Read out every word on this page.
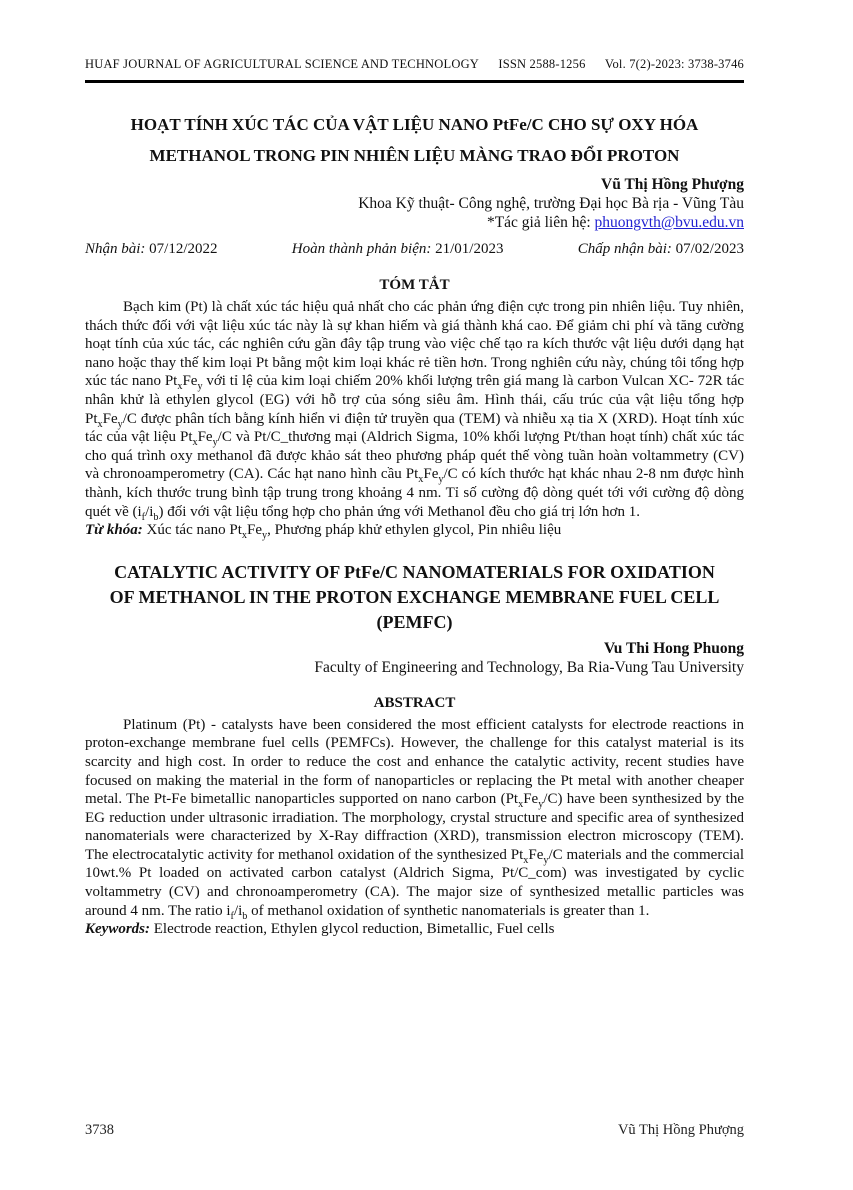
HUAF JOURNAL OF AGRICULTURAL SCIENCE AND TECHNOLOGY ISSN 2588-1256 Vol. 7(2)-2023: 3738-3746
HOẠT TÍNH XÚC TÁC CỦA VẬT LIỆU NANO PtFe/C CHO SỰ OXY HÓA
METHANOL TRONG PIN NHIÊN LIỆU MÀNG TRAO ĐỔI PROTON
Vũ Thị Hồng Phượng
Khoa Kỹ thuật- Công nghệ, trường Đại học Bà rịa - Vũng Tàu
*Tác giả liên hệ: phuongvth@bvu.edu.vn
Nhận bài: 07/12/2022	Hoàn thành phản biện: 21/01/2023	Chấp nhận bài: 07/02/2023
TÓM TẮT
Bạch kim (Pt) là chất xúc tác hiệu quả nhất cho các phản ứng điện cực trong pin nhiên liệu. Tuy nhiên, thách thức đối với vật liệu xúc tác này là sự khan hiếm và giá thành khá cao. Để giảm chi phí và tăng cường hoạt tính của xúc tác, các nghiên cứu gần đây tập trung vào việc chế tạo ra kích thước vật liệu dưới dạng hạt nano hoặc thay thế kim loại Pt bằng một kim loại khác rẻ tiền hơn. Trong nghiên cứu này, chúng tôi tổng hợp xúc tác nano $Pt_xFe_y$ với tỉ lệ của kim loại chiếm 20% khối lượng trên giá mang là carbon Vulcan XC- 72R tác nhân khử là ethylen glycol (EG) với hỗ trợ của sóng siêu âm. Hình thái, cấu trúc của vật liệu tổng hợp $Pt_xFe_y/C$ được phân tích bằng kính hiển vi điện tử truyền qua (TEM) và nhiễu xạ tia X (XRD). Hoạt tính xúc tác của vật liệu $Pt_xFe_y/C$ và Pt/C_thương mại (Aldrich Sigma, 10% khối lượng Pt/than hoạt tính) chất xúc tác cho quá trình oxy methanol đã được khảo sát theo phương pháp quét thế vòng tuần hoàn voltammetry (CV) và chronoamperometry (CA). Các hạt nano hình cầu $Pt_xFe_y/C$ có kích thước hạt khác nhau 2-8 nm được hình thành, kích thước trung bình tập trung trong khoảng 4 nm. Tỉ số cường độ dòng quét tới với cường độ dòng quét về $(i_f/i_b)$ đối với vật liệu tổng hợp cho phản ứng với Methanol đều cho giá trị lớn hơn 1.
Từ khóa: Xúc tác nano $Pt_xFe_y$, Phương pháp khử ethylen glycol, Pin nhiêu liệu
CATALYTIC ACTIVITY OF PtFe/C NANOMATERIALS FOR OXIDATION
OF METHANOL IN THE PROTON EXCHANGE MEMBRANE FUEL CELL
(PEMFC)
Vu Thi Hong Phuong
Faculty of Engineering and Technology, Ba Ria-Vung Tau University
ABSTRACT
Platinum (Pt) - catalysts have been considered the most efficient catalysts for electrode reactions in proton-exchange membrane fuel cells (PEMFCs). However, the challenge for this catalyst material is its scarcity and high cost. In order to reduce the cost and enhance the catalytic activity, recent studies have focused on making the material in the form of nanoparticles or replacing the Pt metal with another cheaper metal. The Pt-Fe bimetallic nanoparticles supported on nano carbon $(Pt_xFe_y/C)$ have been synthesized by the EG reduction under ultrasonic irradiation. The morphology, crystal structure and specific area of synthesized nanomaterials were characterized by X-Ray diffraction (XRD), transmission electron microscopy (TEM). The electrocatalytic activity for methanol oxidation of the synthesized $Pt_xFe_y/C$ materials and the commercial 10wt.% Pt loaded on activated carbon catalyst (Aldrich Sigma, Pt/C_com) was investigated by cyclic voltammetry (CV) and chronoamperometry (CA). The major size of synthesized metallic particles was around 4 nm. The ratio $i_f/i_b$ of methanol oxidation of synthetic nanomaterials is greater than 1.
Keywords: Electrode reaction, Ethylen glycol reduction, Bimetallic, Fuel cells
3738	Vũ Thị Hồng Phượng
